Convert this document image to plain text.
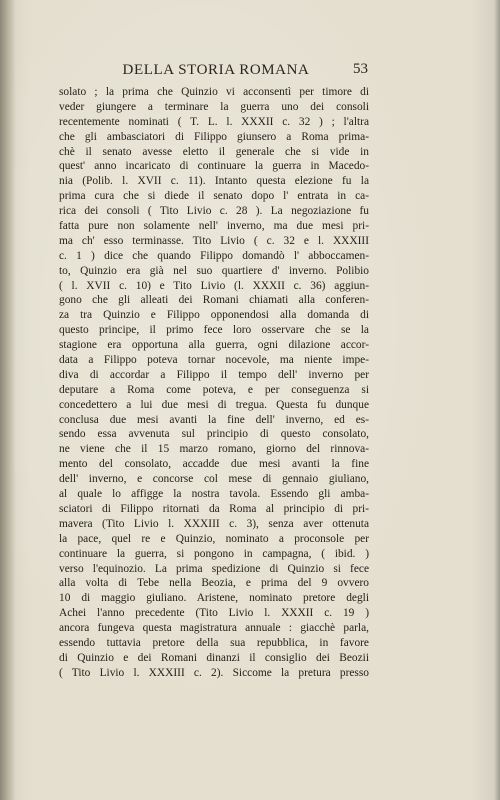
DELLA STORIA ROMANA	53
solato ; la prima che Quinzio vi acconsentì per timore di
veder giungere a terminare la guerra uno dei consoli
recentemente nominati ( T. L. l. XXXII c. 32 ) ; l'altra
che gli ambasciatori di Filippo giunsero a Roma prima-
chè il senato avesse eletto il generale che si vide in
quest' anno incaricato di continuare la guerra in Macedo-
nia (Polib. l. XVII c. 11). Intanto questa elezione fu la
prima cura che si diede il senato dopo l' entrata in ca-
rica dei consoli ( Tito Livio c. 28 ). La negoziazione fu
fatta pure non solamente nell' inverno, ma due mesi pri-
ma ch' esso terminasse. Tito Livio ( c. 32 e l. XXXIII
c. 1 ) dice che quando Filippo domandò l' abboccamen-
to, Quinzio era già nel suo quartiere d' inverno. Polibio
( l. XVII c. 10) e Tito Livio (l. XXXII c. 36) aggiun-
gono che gli alleati dei Romani chiamati alla conferen-
za tra Quinzio e Filippo opponendosi alla domanda di
questo principe, il primo fece loro osservare che se la
stagione era opportuna alla guerra, ogni dilazione accor-
data a Filippo poteva tornar nocevole, ma niente impe-
diva di accordar a Filippo il tempo dell' inverno per
deputare a Roma come poteva, e per conseguenza si
concedettero a lui due mesi di tregua. Questa fu dunque
conclusa due mesi avanti la fine dell' inverno, ed es-
sendo essa avvenuta sul principio di questo consolato,
ne viene che il 15 marzo romano, giorno del rinnova-
mento del consolato, accadde due mesi avanti la fine
dell' inverno, e concorse col mese di gennaio giuliano,
al quale lo affigge la nostra tavola. Essendo gli amba-
sciatori di Filippo ritornati da Roma al principio di pri-
mavera (Tito Livio l. XXXIII c. 3), senza aver ottenuta
la pace, quel re e Quinzio, nominato a proconsole per
continuare la guerra, si pongono in campagna, ( ibid. )
verso l'equinozio. La prima spedizione di Quinzio si fece
alla volta di Tebe nella Beozia, e prima del 9 ovvero
10 di maggio giuliano. Aristene, nominato pretore degli
Achei l'anno precedente (Tito Livio l. XXXII c. 19 )
ancora fungeva questa magistratura annuale : giacchè parla,
essendo tuttavia pretore della sua repubblica, in favore
di Quinzio e dei Romani dinanzi il consiglio dei Beozii
( Tito Livio l. XXXIII c. 2). Siccome la pretura presso
